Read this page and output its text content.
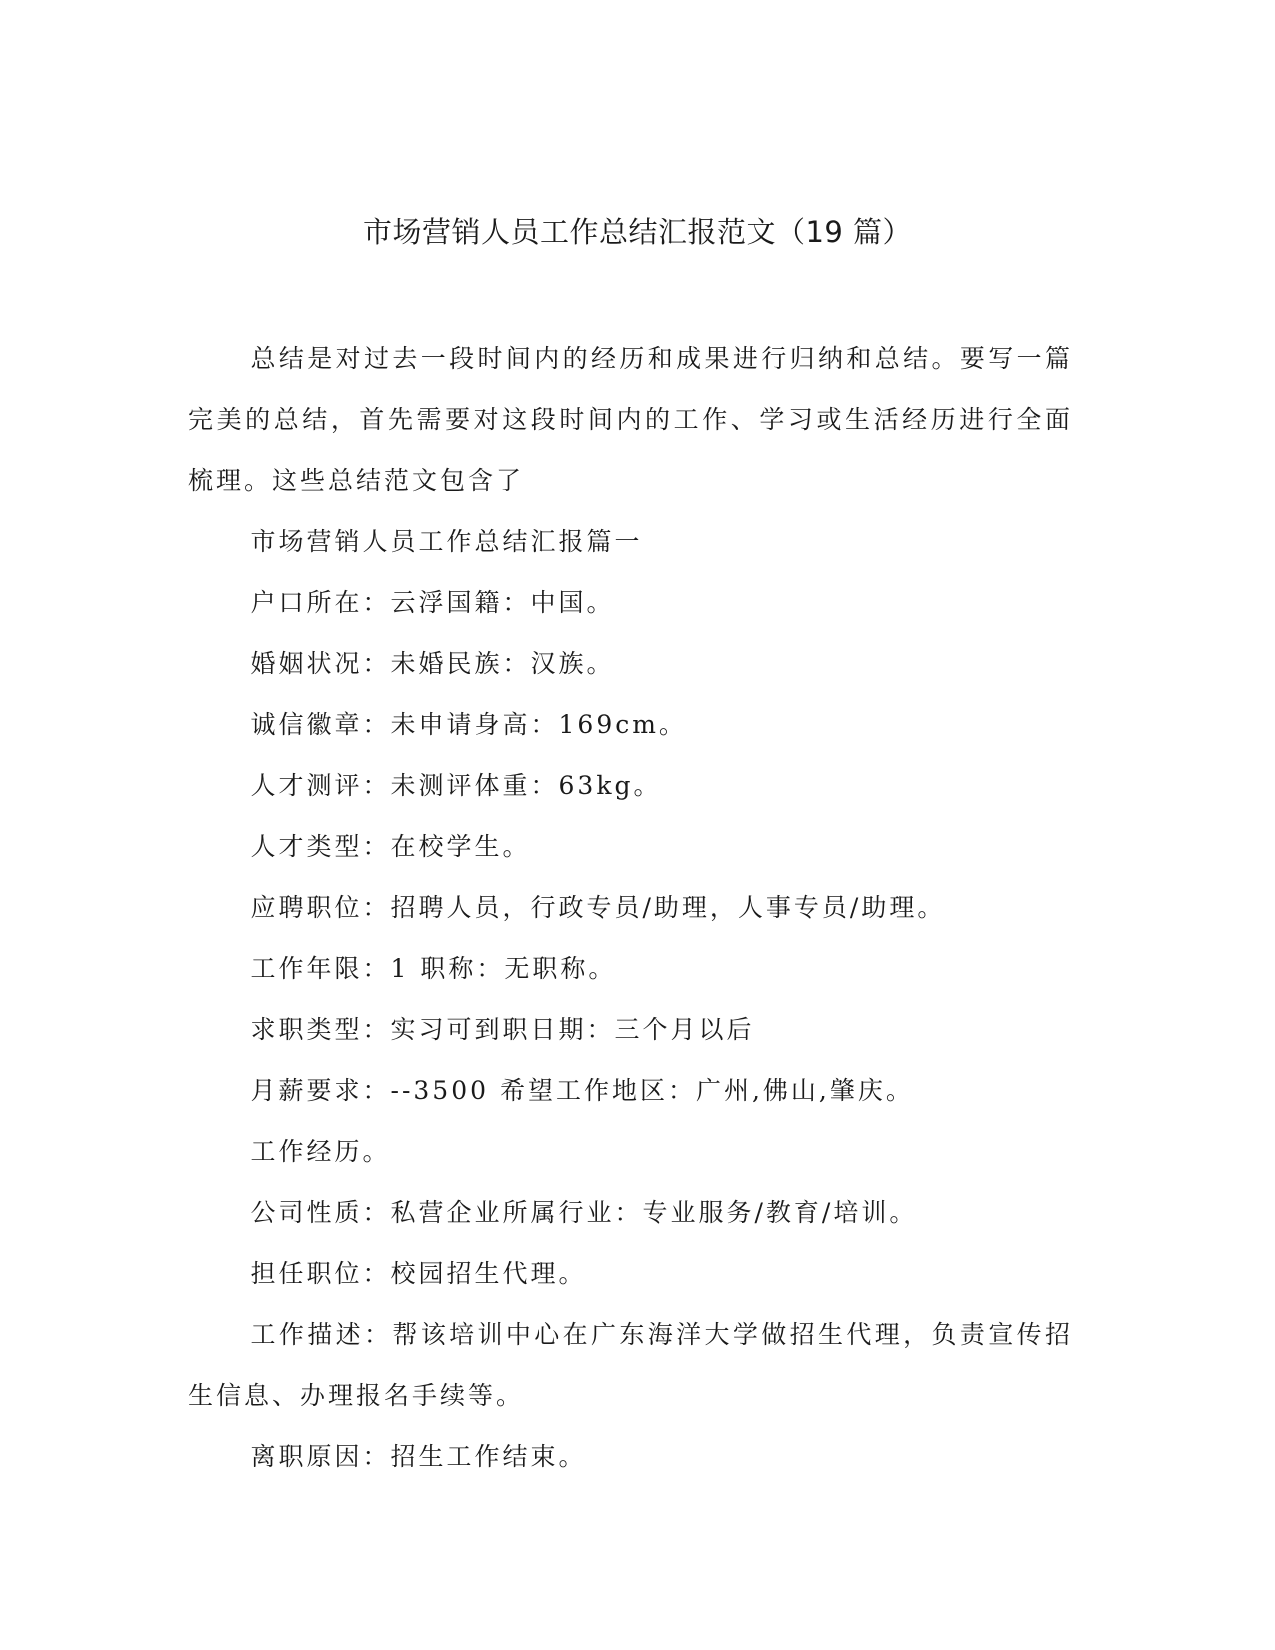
市场营销人员工作总结汇报范文（19 篇）

总结是对过去一段时间内的经历和成果进行归纳和总结。要写一篇完美的总结，首先需要对这段时间内的工作、学习或生活经历进行全面梳理。这些总结范文包含了

市场营销人员工作总结汇报篇一

户口所在：云浮国籍：中国。

婚姻状况：未婚民族：汉族。

诚信徽章：未申请身高：169cm。

人才测评：未测评体重：63kg。

人才类型：在校学生。

应聘职位：招聘人员，行政专员/助理，人事专员/助理。

工作年限：1 职称：无职称。

求职类型：实习可到职日期：三个月以后

月薪要求：--3500 希望工作地区：广州,佛山,肇庆。

工作经历。

公司性质：私营企业所属行业：专业服务/教育/培训。

担任职位：校园招生代理。

工作描述：帮该培训中心在广东海洋大学做招生代理，负责宣传招生信息、办理报名手续等。

离职原因：招生工作结束。
